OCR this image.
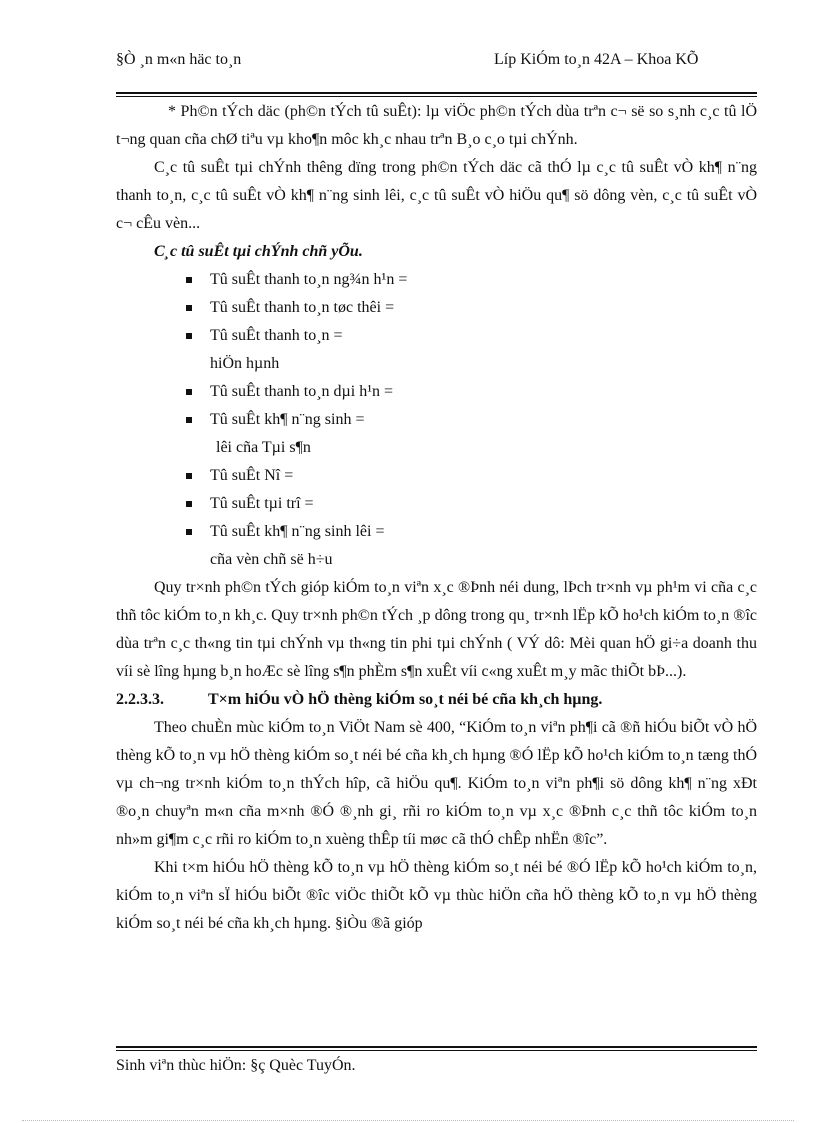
§Ò ¸n m«n häc to¸n	Líp KiÓm to¸n 42A – Khoa KÕ

* Ph©n tÝch däc (ph©n tÝch tû suÊt): lµ viÖc ph©n tÝch dùa trªn c¬ së so s¸nh c¸c tû lÖ t¬ng quan cña chØ tiªu vµ kho¶n môc kh¸c nhau trªn B¸o c¸o tµi chÝnh.

C¸c tû suÊt tµi chÝnh thêng dïng trong ph©n tÝch däc cã thÓ lµ c¸c tû suÊt vÒ kh¶ n¨ng thanh to¸n, c¸c tû suÊt vÒ kh¶ n¨ng sinh lêi, c¸c tû suÊt vÒ hiÖu qu¶ sö dông vèn, c¸c tû suÊt vÒ c¬ cÊu vèn...

C¸c tû suÊt tµi chÝnh chñ yÕu.

Tû suÊt thanh to¸n ng¾n h¹n =
Tû suÊt thanh to¸n tøc thêi =
Tû suÊt thanh to¸n =
hiÖn hµnh
Tû suÊt thanh to¸n dµi h¹n =
Tû suÊt kh¶ n¨ng sinh =
lêi cña Tµi s¶n
Tû suÊt Nî =
Tû suÊt tµi trî =
Tû suÊt kh¶ n¨ng sinh lêi =
cña vèn chñ së h÷u

Quy tr×nh ph©n tÝch gióp kiÓm to¸n viªn x¸c ®Þnh néi dung, lÞch tr×nh vµ ph¹m vi cña c¸c thñ tôc kiÓm to¸n kh¸c. Quy tr×nh ph©n tÝch ¸p dông trong qu¸ tr×nh lËp kÕ ho¹ch kiÓm to¸n ®îc dùa trªn c¸c th«ng tin tµi chÝnh vµ th«ng tin phi tµi chÝnh ( VÝ dô: Mèi quan hÖ gi÷a doanh thu víi sè lîng hµng b¸n hoÆc sè lîng s¶n phÈm s¶n xuÊt víi c«ng xuÊt m¸y mãc thiÕt bÞ...).

2.2.3.3.	T×m hiÓu vÒ hÖ thèng kiÓm so¸t néi bé cña kh¸ch hµng.

Theo chuÈn mùc kiÓm to¸n ViÖt Nam sè 400, “KiÓm to¸n viªn ph¶i cã ®ñ hiÓu biÕt vÒ hÖ thèng kÕ to¸n vµ hÖ thèng kiÓm so¸t néi bé cña kh¸ch hµng ®Ó lËp kÕ ho¹ch kiÓm to¸n tæng thÓ vµ ch¬ng tr×nh kiÓm to¸n thÝch hîp, cã hiÖu qu¶. KiÓm to¸n viªn ph¶i sö dông kh¶ n¨ng xÐt ®o¸n chuyªn m«n cña m×nh ®Ó ®¸nh gi¸ rñi ro kiÓm to¸n vµ x¸c ®Þnh c¸c thñ tôc kiÓm to¸n nh»m gi¶m c¸c rñi ro kiÓm to¸n xuèng thÊp tíi møc cã thÓ chÊp nhËn ®îc”.

Khi t×m hiÓu hÖ thèng kÕ to¸n vµ hÖ thèng kiÓm so¸t néi bé ®Ó lËp kÕ ho¹ch kiÓm to¸n, kiÓm to¸n viªn sÏ hiÓu biÕt ®îc viÖc thiÕt kÕ vµ thùc hiÖn cña hÖ thèng kÕ to¸n vµ hÖ thèng kiÓm so¸t néi bé cña kh¸ch hµng. §iÒu ®ã gióp

Sinh viªn thùc hiÖn: §ç Quèc TuyÓn.
